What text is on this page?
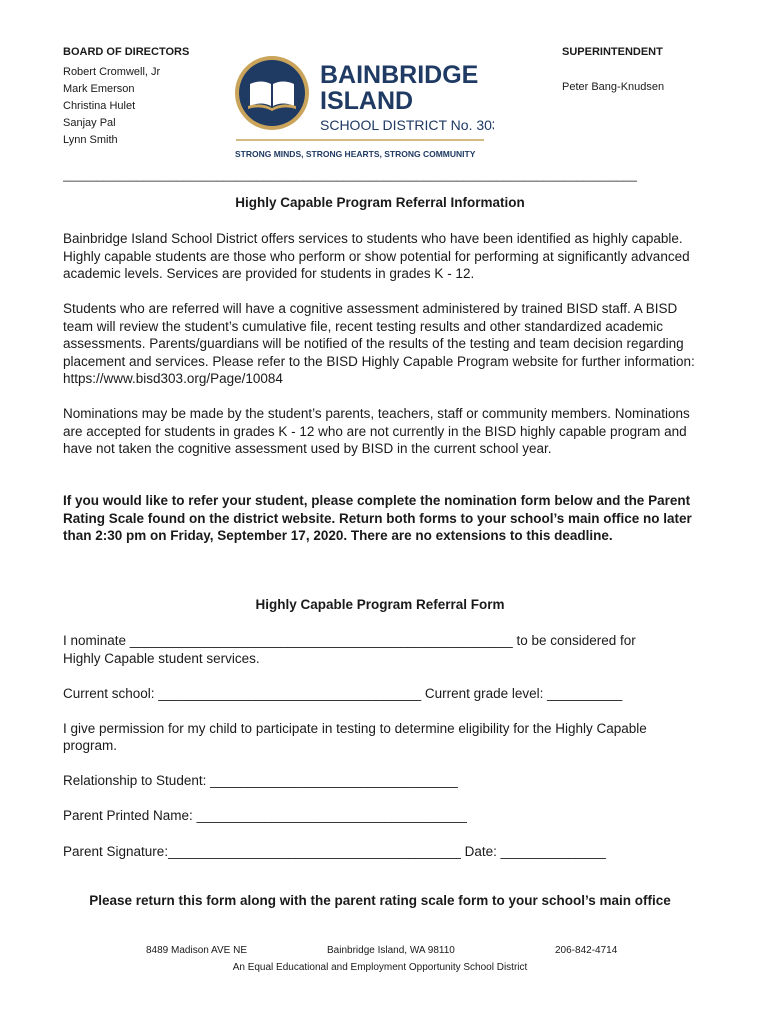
BOARD OF DIRECTORS
Robert Cromwell, Jr
Mark Emerson
Christina Hulet
Sanjay Pal
Lynn Smith
SUPERINTENDENT
Peter Bang-Knudsen
BAINBRIDGE
ISLAND
SCHOOL DISTRICT No. 303
STRONG MINDS, STRONG HEARTS, STRONG COMMUNITY
______________________________________________________________________________________
Highly Capable Program Referral Information
Bainbridge Island School District offers services to students who have been identified as highly capable. Highly capable students are those who perform or show potential for performing at significantly advanced academic levels. Services are provided for students in grades K - 12.
Students who are referred will have a cognitive assessment administered by trained BISD staff. A BISD team will review the student’s cumulative file, recent testing results and other standardized academic assessments. Parents/guardians will be notified of the results of the testing and team decision regarding placement and services. Please refer to the BISD Highly Capable Program website for further information: https://www.bisd303.org/Page/10084
Nominations may be made by the student’s parents, teachers, staff or community members. Nominations are accepted for students in grades K - 12 who are not currently in the BISD highly capable program and have not taken the cognitive assessment used by BISD in the current school year.
If you would like to refer your student, please complete the nomination form below and the Parent Rating Scale found on the district website. Return both forms to your school’s main office no later than 2:30 pm on Friday, September 17, 2020. There are no extensions to this deadline.
Highly Capable Program Referral Form
I nominate ___________________________________________________ to be considered for
Highly Capable student services.
Current school: ___________________________________ Current grade level: __________
I give permission for my child to participate in testing to determine eligibility for the Highly Capable
program.
Relationship to Student: _________________________________
Parent Printed Name: ____________________________________
Parent Signature:_______________________________________ Date: ______________
Please return this form along with the parent rating scale form to your school’s main office
8489 Madison AVE NE	Bainbridge Island, WA 98110	206-842-4714
An Equal Educational and Employment Opportunity School District
